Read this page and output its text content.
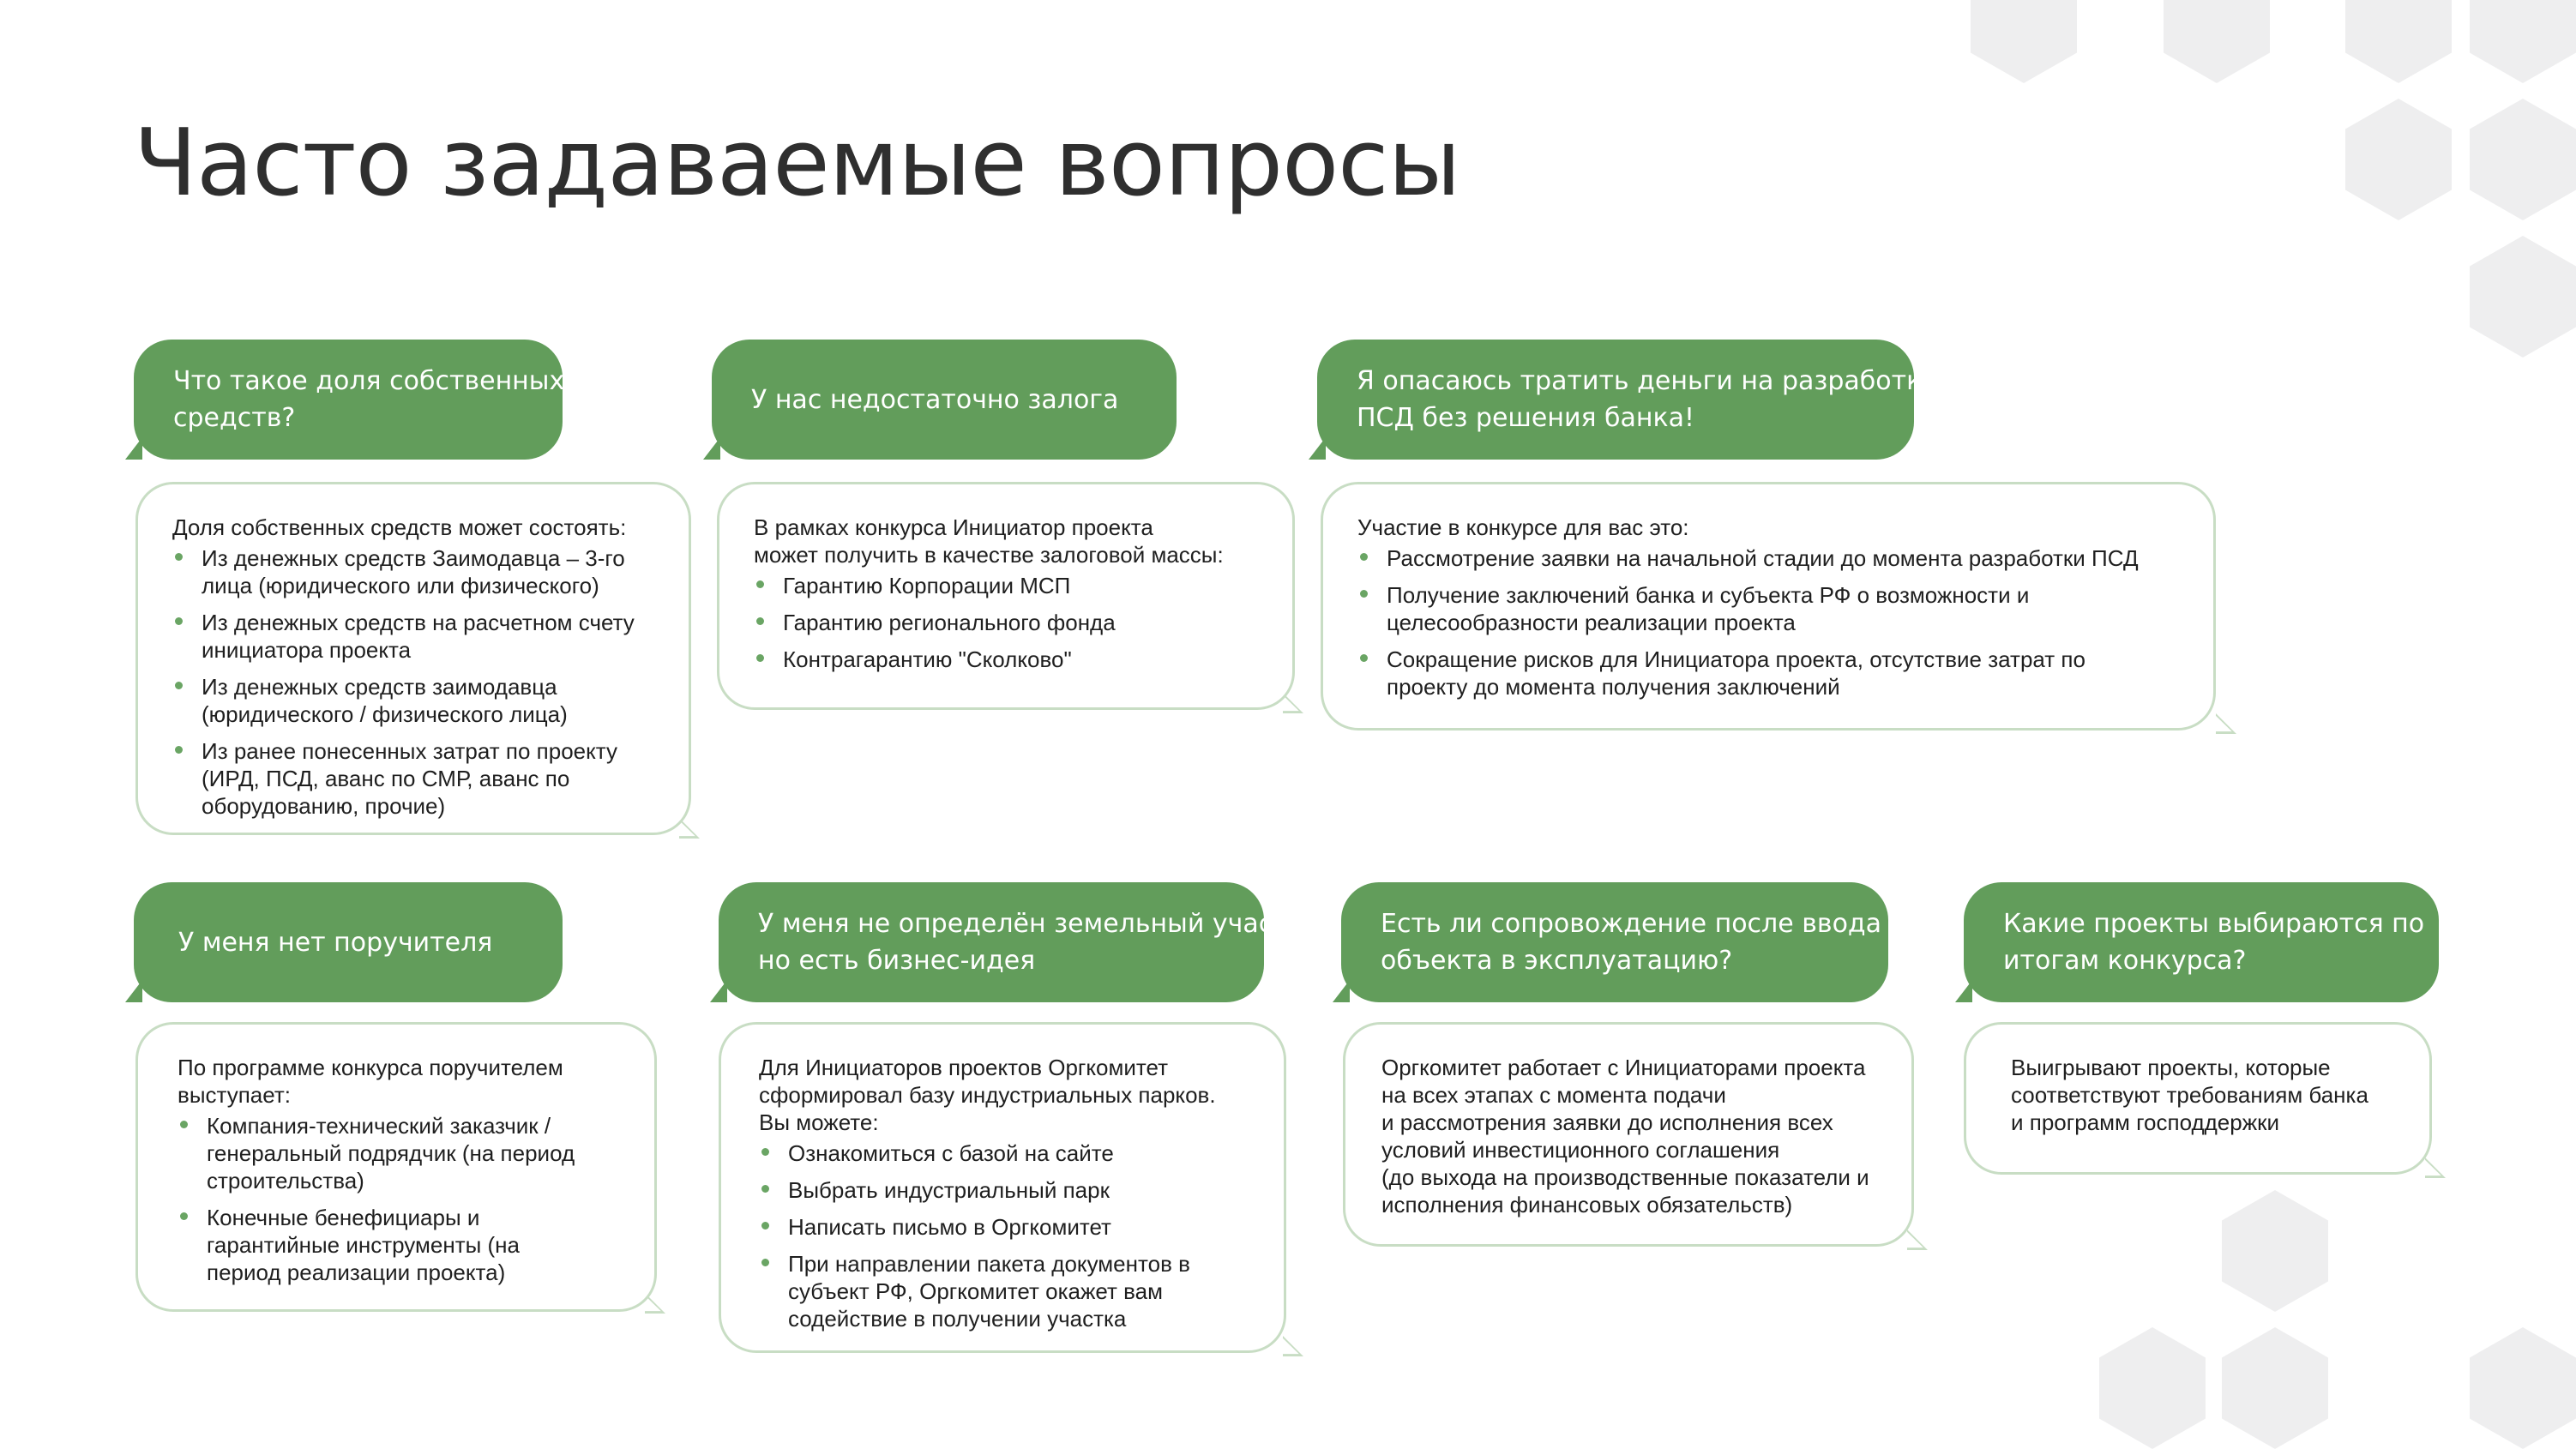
Часто задаваемые вопросы
Что такое доля собственных
средств?

Доля собственных средств может состоять:

Из денежных средств Заимодавца – 3-го
лица (юридического или физического)
Из денежных средств на расчетном счету
инициатора проекта
Из денежных средств заимодавца
(юридического / физического лица)
Из ранее понесенных затрат по проекту
(ИРД, ПСД, аванс по СМР, аванс по
оборудованию, прочие)
У нас недостаточно залога

В рамках конкурса Инициатор проекта
может получить в качестве залоговой массы:

Гарантию Корпорации МСП
Гарантию регионального фонда
Контрагарантию "Сколково"
Я опасаюсь тратить деньги на разработку
ПСД без решения банка!

Участие в конкурсе для вас это:

Рассмотрение заявки на начальной стадии до момента разработки ПСД
Получение заключений банка и субъекта РФ о возможности и
целесообразности реализации проекта
Сокращение рисков для Инициатора проекта, отсутствие затрат по
проекту до момента получения заключений
У меня нет поручителя

По программе конкурса поручителем
выступает:

Компания-технический заказчик /
генеральный подрядчик (на период
строительства)
Конечные бенефициары и
гарантийные инструменты (на
период реализации проекта)
У меня не определён земельный участок,
но есть бизнес-идея

Для Инициаторов проектов Оргкомитет
сформировал базу индустриальных парков.
Вы можете:

Ознакомиться с базой на сайте
Выбрать индустриальный парк
Написать письмо в Оргкомитет
При направлении пакета документов в
субъект РФ, Оргкомитет окажет вам
содействие в получении участка
Есть ли сопровождение после ввода
объекта в эксплуатацию?

Оргкомитет работает с Инициаторами проекта
на всех этапах с момента подачи
и рассмотрения заявки до исполнения всех
условий инвестиционного соглашения
(до выхода на производственные показатели и
исполнения финансовых обязательств)

Какие проекты выбираются по
итогам конкурса?

Выигрывают проекты, которые
соответствуют требованиям банка
и программ господдержки
